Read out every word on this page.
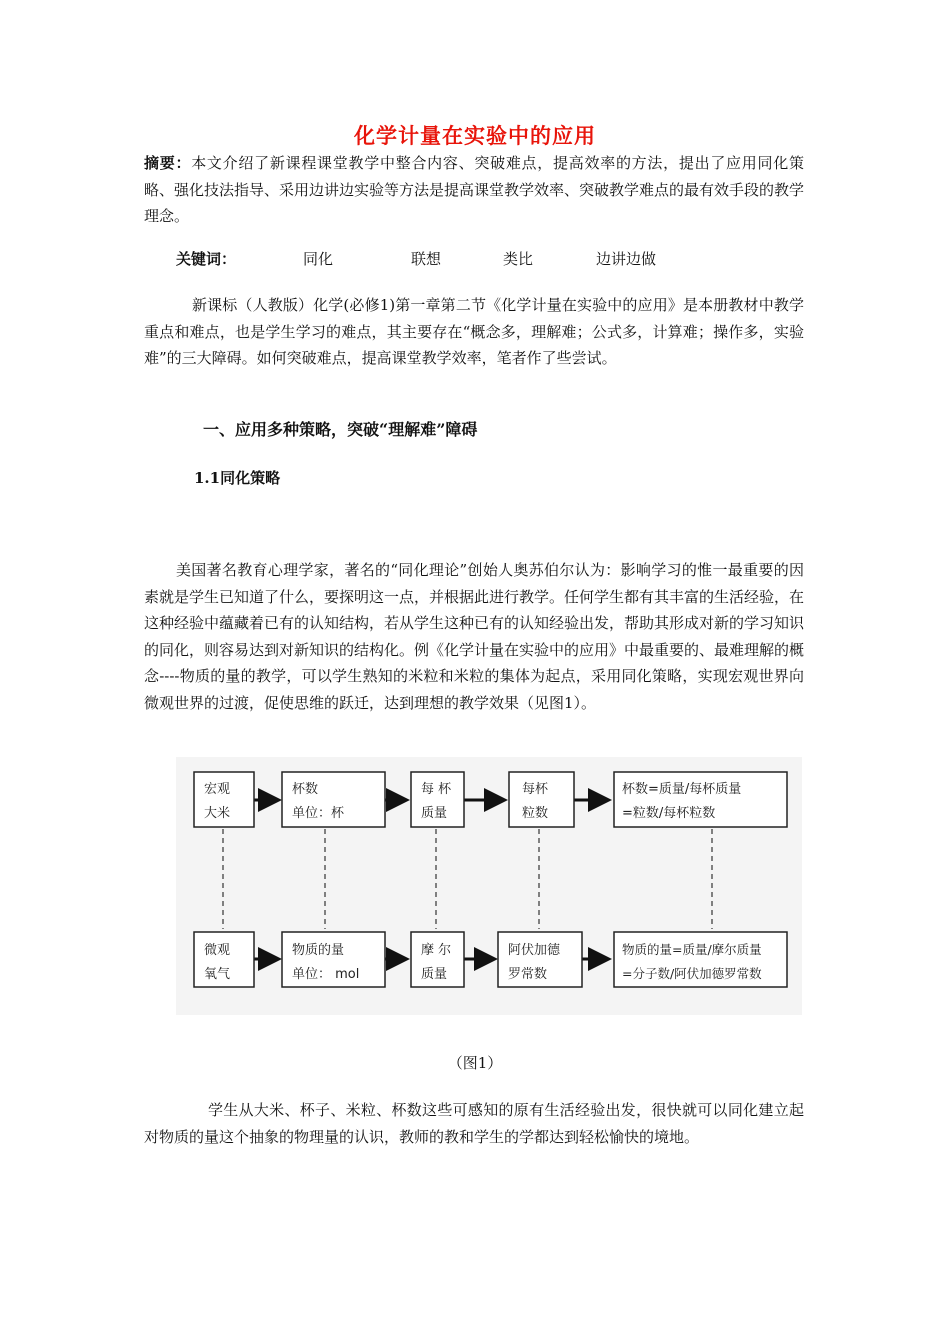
化学计量在实验中的应用
摘要：本文介绍了新课程课堂教学中整合内容、突破难点，提高效率的方法，提出了应用同化策略、强化技法指导、采用边讲边实验等方法是提高课堂教学效率、突破教学难点的最有效手段的教学理念。
关键词：	同化	联想	类比	边讲边做
新课标（人教版）化学(必修1)第一章第二节《化学计量在实验中的应用》是本册教材中教学重点和难点，也是学生学习的难点，其主要存在“概念多，理解难；公式多，计算难；操作多，实验难”的三大障碍。如何突破难点，提高课堂教学效率，笔者作了些尝试。
一、应用多种策略，突破“理解难”障碍
1.1同化策略
美国著名教育心理学家，著名的“同化理论”创始人奥苏伯尔认为：影响学习的惟一最重要的因素就是学生已知道了什么，要探明这一点，并根据此进行教学。任何学生都有其丰富的生活经验，在这种经验中蕴藏着已有的认知结构，若从学生这种已有的认知经验出发，帮助其形成对新的学习知识的同化，则容易达到对新知识的结构化。例《化学计量在实验中的应用》中最重要的、最难理解的概念----物质的量的教学，可以学生熟知的米粒和米粒的集体为起点，采用同化策略，实现宏观世界向微观世界的过渡，促使思维的跃迁，达到理想的教学效果（见图1）。
宏观
大米
杯数
单位：杯
每 杯
质量
每杯
粒数
杯数=质量/每杯质量
=粒数/每杯粒数
微观
氧气
物质的量
单位： mol
摩 尔
质量
阿伏加德
罗常数
物质的量=质量/摩尔质量
=分子数/阿伏加德罗常数
（图1）
学生从大米、杯子、米粒、杯数这些可感知的原有生活经验出发，很快就可以同化建立起对物质的量这个抽象的物理量的认识，教师的教和学生的学都达到轻松愉快的境地。
